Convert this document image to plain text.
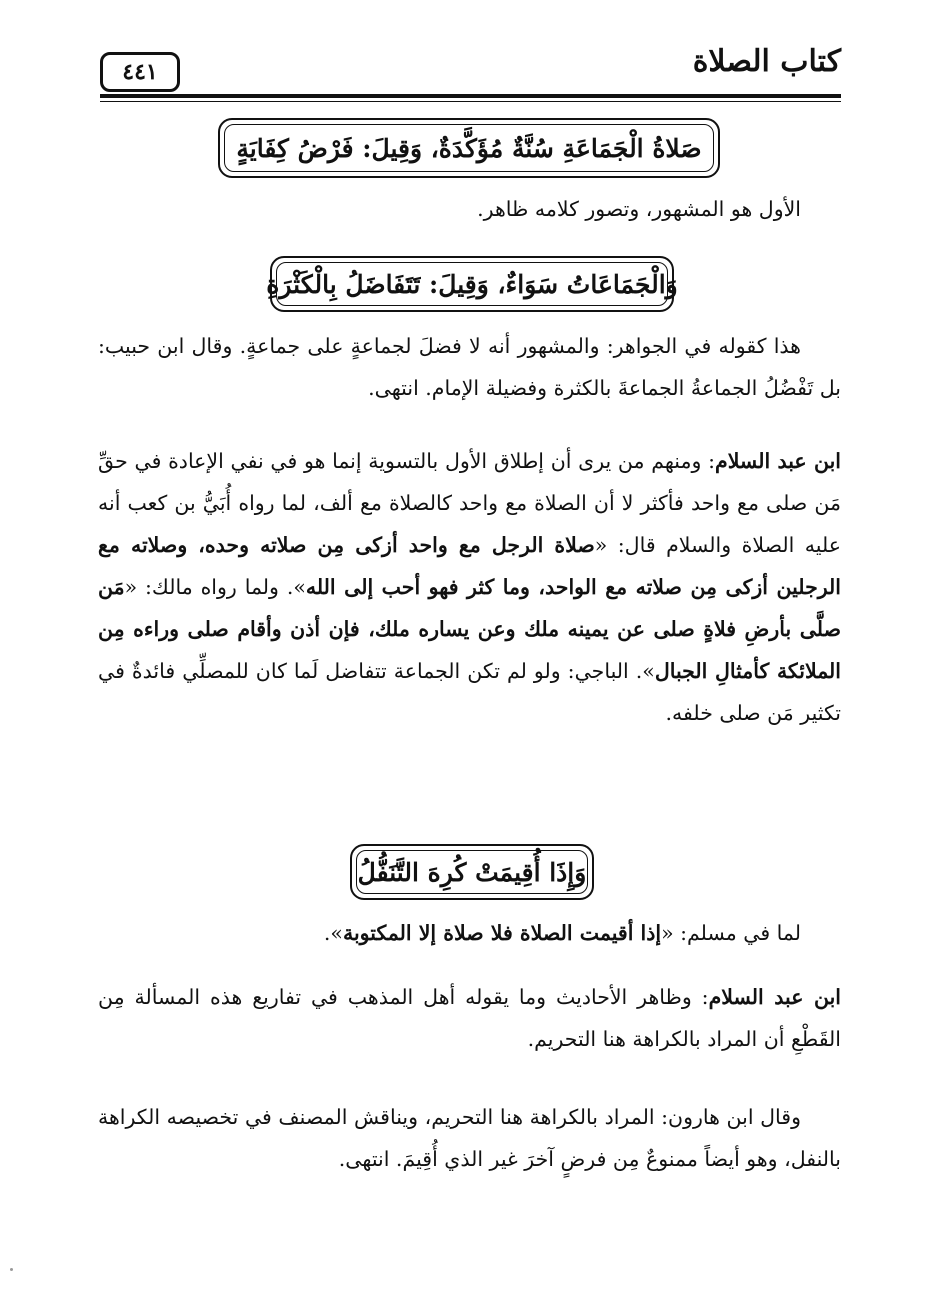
كتاب الصلاة
٤٤١
صَلاةُ الْجَمَاعَةِ سُنَّةٌ مُؤَكَّدَةٌ، وَقِيلَ: فَرْضُ كِفَايَةٍ
الأول هو المشهور، وتصور كلامه ظاهر.
وَالْجَمَاعَاتُ سَوَاءٌ، وَقِيلَ: تَتَفَاضَلُ بِالْكَثْرَةِ
هذا كقوله في الجواهر: والمشهور أنه لا فضلَ لجماعةٍ على جماعةٍ. وقال ابن حبيب: بل تَفْضُلُ الجماعةُ الجماعةَ بالكثرة وفضيلة الإمام. انتهى.
ابن عبد السلام: ومنهم من يرى أن إطلاق الأول بالتسوية إنما هو في نفي الإعادة في حقِّ مَن صلى مع واحد فأكثر لا أن الصلاة مع واحد كالصلاة مع ألف، لما رواه أُبَيُّ بن كعب أنه عليه الصلاة والسلام قال: «صلاة الرجل مع واحد أزكى مِن صلاته وحده، وصلاته مع الرجلين أزكى مِن صلاته مع الواحد، وما كثر فهو أحب إلى الله». ولما رواه مالك: «مَن صلَّى بأرضِ فلاةٍ صلى عن يمينه ملك وعن يساره ملك، فإن أذن وأقام صلى وراءه مِن الملائكة كأمثالِ الجبال». الباجي: ولو لم تكن الجماعة تتفاضل لَما كان للمصلِّي فائدةٌ في تكثير مَن صلى خلفه.
وَإِذَا أُقِيمَتْ كُرِهَ التَّنَفُّلُ
لما في مسلم: «إذا أقيمت الصلاة فلا صلاة إلا المكتوبة».
ابن عبد السلام: وظاهر الأحاديث وما يقوله أهل المذهب في تفاريع هذه المسألة مِن القَطْعِ أن المراد بالكراهة هنا التحريم.
وقال ابن هارون: المراد بالكراهة هنا التحريم، ويناقش المصنف في تخصيصه الكراهة بالنفل، وهو أيضاً ممنوعٌ مِن فرضٍ آخرَ غير الذي أُقِيمَ. انتهى.
